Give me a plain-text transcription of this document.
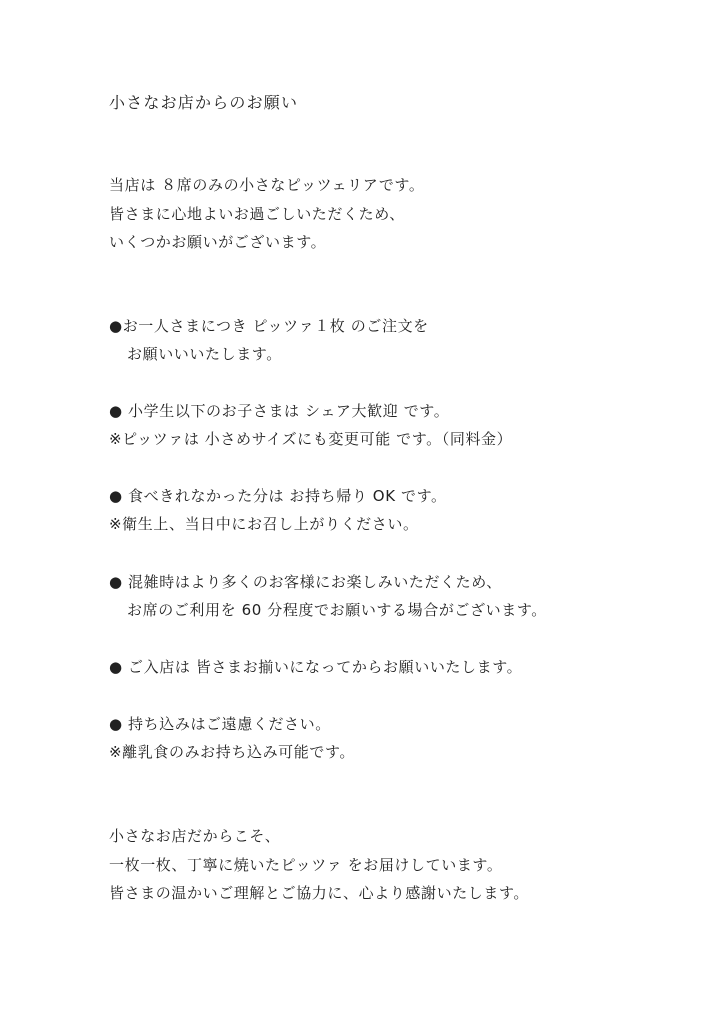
小さなお店からのお願い
当店は ８席のみの小さなピッツェリアです。
皆さまに心地よいお過ごしいただくため、
いくつかお願いがございます。
●お一人さまにつき ピッツァ１枚 のご注文を
お願いいいたします。
● 小学生以下のお子さまは シェア大歓迎 です。
※ピッツァは 小さめサイズにも変更可能 です。（同料金）
● 食べきれなかった分は お持ち帰り OK です。
※衛生上、当日中にお召し上がりください。
● 混雑時はより多くのお客様にお楽しみいただくため、
お席のご利用を 60 分程度でお願いする場合がございます。
● ご入店は 皆さまお揃いになってからお願いいたします。
● 持ち込みはご遠慮ください。
※離乳食のみお持ち込み可能です。
小さなお店だからこそ、
一枚一枚、丁寧に焼いたピッツァ をお届けしています。
皆さまの温かいご理解とご協力に、心より感謝いたします。
